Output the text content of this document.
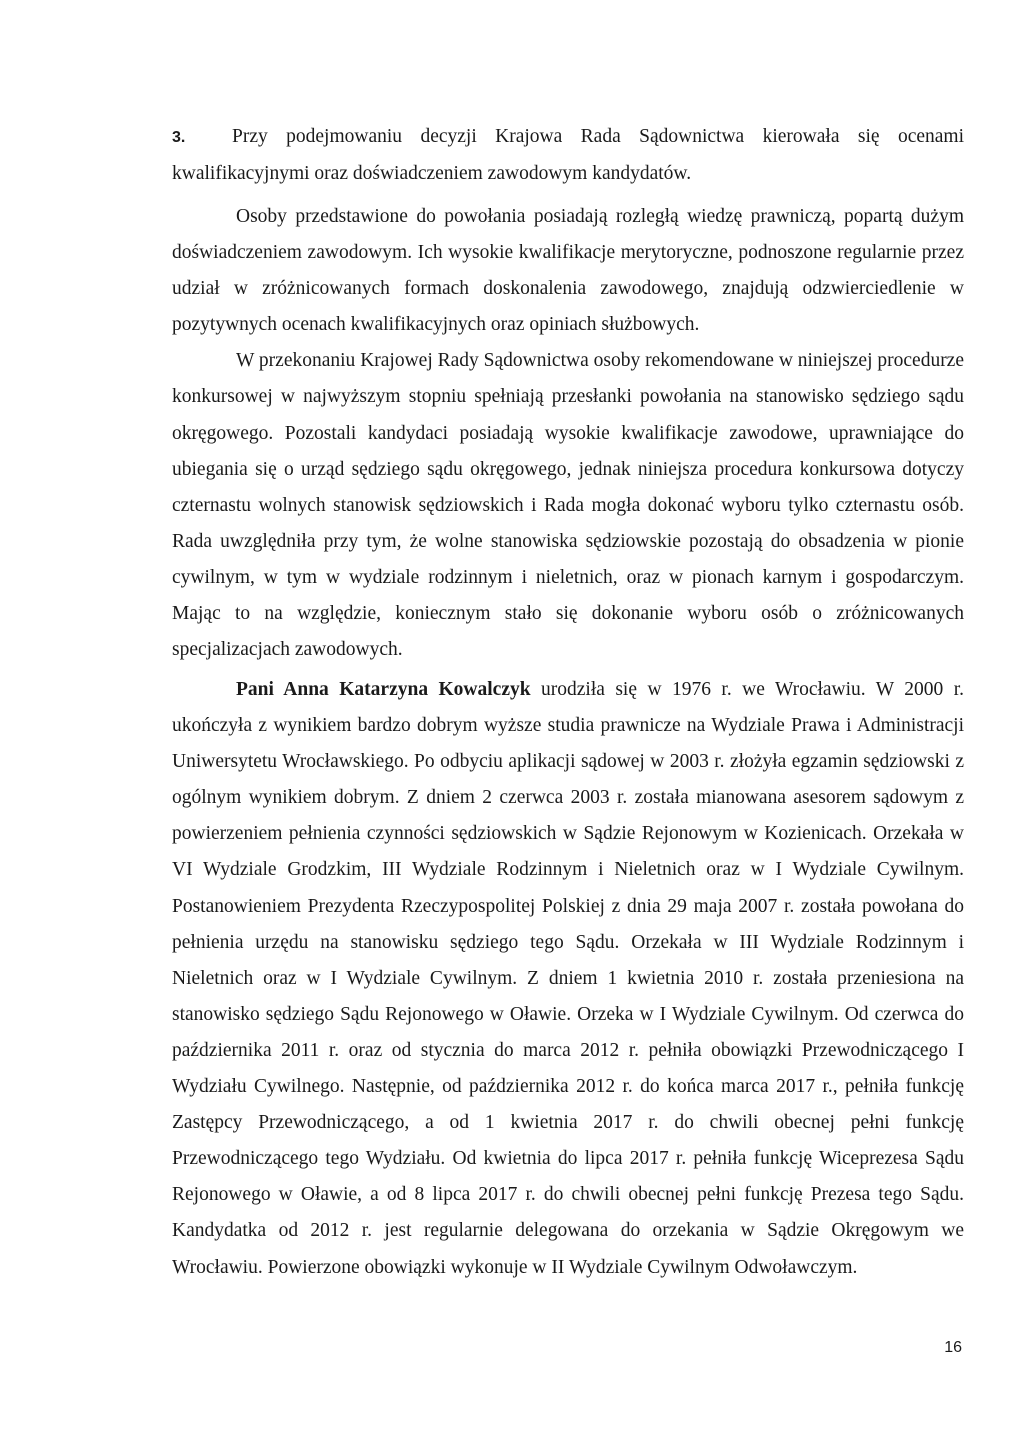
3. Przy podejmowaniu decyzji Krajowa Rada Sądownictwa kierowała się ocenami kwalifikacyjnymi oraz doświadczeniem zawodowym kandydatów.

Osoby przedstawione do powołania posiadają rozległą wiedzę prawniczą, popartą dużym doświadczeniem zawodowym. Ich wysokie kwalifikacje merytoryczne, podnoszone regularnie przez udział w zróżnicowanych formach doskonalenia zawodowego, znajdują odzwierciedlenie w pozytywnych ocenach kwalifikacyjnych oraz opiniach służbowych.

W przekonaniu Krajowej Rady Sądownictwa osoby rekomendowane w niniejszej procedurze konkursowej w najwyższym stopniu spełniają przesłanki powołania na stanowisko sędziego sądu okręgowego. Pozostali kandydaci posiadają wysokie kwalifikacje zawodowe, uprawniające do ubiegania się o urząd sędziego sądu okręgowego, jednak niniejsza procedura konkursowa dotyczy czternastu wolnych stanowisk sędziowskich i Rada mogła dokonać wyboru tylko czternastu osób. Rada uwzględniła przy tym, że wolne stanowiska sędziowskie pozostają do obsadzenia w pionie cywilnym, w tym w wydziale rodzinnym i nieletnich, oraz w pionach karnym i gospodarczym. Mając to na względzie, koniecznym stało się dokonanie wyboru osób o zróżnicowanych specjalizacjach zawodowych.

Pani Anna Katarzyna Kowalczyk urodziła się w 1976 r. we Wrocławiu. W 2000 r. ukończyła z wynikiem bardzo dobrym wyższe studia prawnicze na Wydziale Prawa i Administracji Uniwersytetu Wrocławskiego. Po odbyciu aplikacji sądowej w 2003 r. złożyła egzamin sędziowski z ogólnym wynikiem dobrym. Z dniem 2 czerwca 2003 r. została mianowana asesorem sądowym z powierzeniem pełnienia czynności sędziowskich w Sądzie Rejonowym w Kozienicach. Orzekała w VI Wydziale Grodzkim, III Wydziale Rodzinnym i Nieletnich oraz w I Wydziale Cywilnym. Postanowieniem Prezydenta Rzeczypospolitej Polskiej z dnia 29 maja 2007 r. została powołana do pełnienia urzędu na stanowisku sędziego tego Sądu. Orzekała w III Wydziale Rodzinnym i Nieletnich oraz w I Wydziale Cywilnym. Z dniem 1 kwietnia 2010 r. została przeniesiona na stanowisko sędziego Sądu Rejonowego w Oławie. Orzeka w I Wydziale Cywilnym. Od czerwca do października 2011 r. oraz od stycznia do marca 2012 r. pełniła obowiązki Przewodniczącego I Wydziału Cywilnego. Następnie, od października 2012 r. do końca marca 2017 r., pełniła funkcję Zastępcy Przewodniczącego, a od 1 kwietnia 2017 r. do chwili obecnej pełni funkcję Przewodniczącego tego Wydziału. Od kwietnia do lipca 2017 r. pełniła funkcję Wiceprezesa Sądu Rejonowego w Oławie, a od 8 lipca 2017 r. do chwili obecnej pełni funkcję Prezesa tego Sądu. Kandydatka od 2012 r. jest regularnie delegowana do orzekania w Sądzie Okręgowym we Wrocławiu. Powierzone obowiązki wykonuje w II Wydziale Cywilnym Odwoławczym.

16
